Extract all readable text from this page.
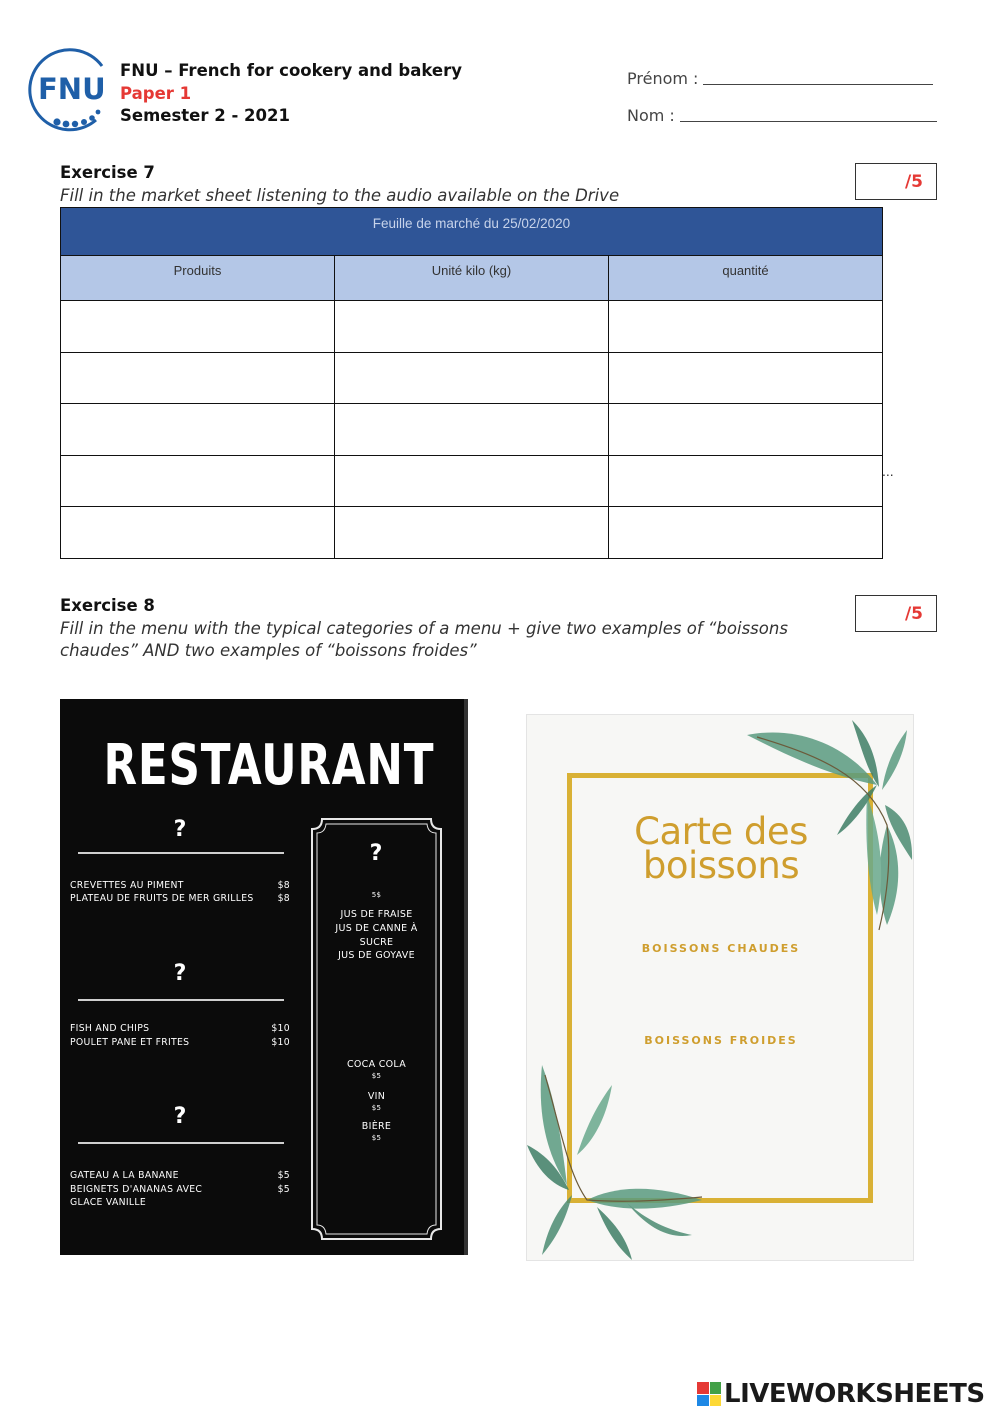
FNU
FNU – French for cookery and bakery
Paper 1
Semester 2 - 2021
Prénom :
Nom :
Exercise 7
Fill in the market sheet listening to the audio available on the Drive
/5
Feuille de marché du 25/02/2020		
Produits	Unité kilo (kg)	quantité

...
Exercise 8
Fill in the menu with the typical categories of a menu + give two examples of “boissons
chaudes” AND two examples of “boissons froides”
/5
RESTAURANT
?
CREVETTES AU PIMENT	$8
PLATEAU DE FRUITS DE MER GRILLES	$8
?
FISH AND CHIPS	$10
POULET PANE ET FRITES	$10
?
GATEAU A LA BANANE	$5
BEIGNETS D'ANANAS AVEC GLACE VANILLE
$5
?
5$
JUS DE FRAISE
JUS DE CANNE À SUCRE
JUS DE GOYAVE
COCA COLA
$5
VIN
$5
BIÈRE
$5
Carte des
boissons
BOISSONS CHAUDES
BOISSONS FROIDES
LIVEWORKSHEETS
